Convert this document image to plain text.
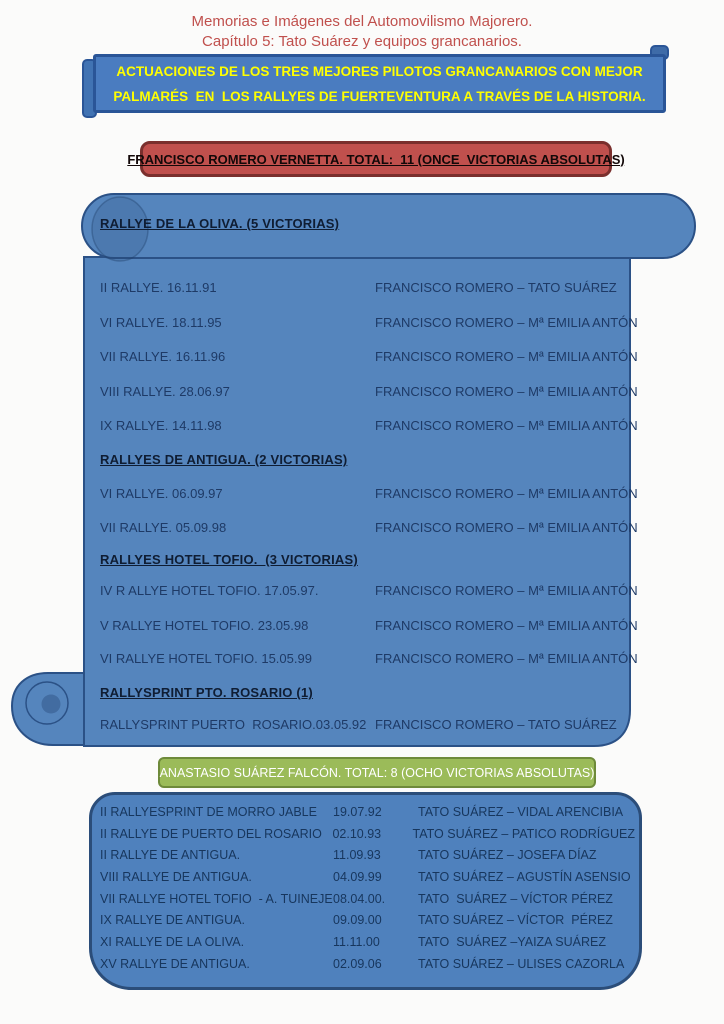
Memorias e Imágenes del Automovilismo Majorero.
Capítulo 5: Tato Suárez y equipos grancanarios.
ACTUACIONES DE LOS TRES MEJORES PILOTOS GRANCANARIOS CON MEJOR
PALMARÉS  EN  LOS RALLYES DE FUERTEVENTURA A TRAVÉS DE LA HISTORIA.
FRANCISCO ROMERO VERNETTA. TOTAL:  11 (ONCE  VICTORIAS ABSOLUTAS)
RALLYE DE LA OLIVA. (5 VICTORIAS)
II RALLYE. 16.11.91	FRANCISCO ROMERO – TATO SUÁREZ
VI RALLYE. 18.11.95	FRANCISCO ROMERO – Mª EMILIA ANTÓN
VII RALLYE. 16.11.96	FRANCISCO ROMERO – Mª EMILIA ANTÓN
VIII RALLYE. 28.06.97	FRANCISCO ROMERO – Mª EMILIA ANTÓN
IX RALLYE. 14.11.98	FRANCISCO ROMERO – Mª EMILIA ANTÓN
RALLYES DE ANTIGUA. (2 VICTORIAS)
VI RALLYE. 06.09.97	FRANCISCO ROMERO – Mª EMILIA ANTÓN
VII RALLYE. 05.09.98	FRANCISCO ROMERO – Mª EMILIA ANTÓN
RALLYES HOTEL TOFIO.  (3 VICTORIAS)
IV R ALLYE HOTEL TOFIO. 17.05.97.	FRANCISCO ROMERO – Mª EMILIA ANTÓN
V RALLYE HOTEL TOFIO. 23.05.98	FRANCISCO ROMERO – Mª EMILIA ANTÓN
VI RALLYE HOTEL TOFIO. 15.05.99	FRANCISCO ROMERO – Mª EMILIA ANTÓN
RALLYSPRINT PTO. ROSARIO (1)
RALLYSPRINT PUERTO  ROSARIO.03.05.92 FRANCISCO ROMERO – TATO SUÁREZ
ANASTASIO SUÁREZ FALCÓN. TOTAL: 8 (OCHO VICTORIAS ABSOLUTAS)
II RALLYESPRINT DE MORRO JABLE	19.07.92	TATO SUÁREZ – VIDAL ARENCIBIA
II RALLYE DE PUERTO DEL ROSARIO 02.10.93	TATO SUÁREZ – PATICO RODRÍGUEZ
II RALLYE DE ANTIGUA.	11.09.93	TATO SUÁREZ – JOSEFA DÍAZ
VIII RALLYE DE ANTIGUA.	04.09.99	TATO SUÁREZ – AGUSTÍN ASENSIO
VII RALLYE HOTEL TOFIO  - A. TUINEJE 08.04.00.	TATO  SUÁREZ – VÍCTOR PÉREZ
IX RALLYE DE ANTIGUA.	09.09.00	TATO SUÁREZ – VÍCTOR  PÉREZ
XI RALLYE DE LA OLIVA.	11.11.00	TATO  SUÁREZ –YAIZA SUÁREZ
XV RALLYE DE ANTIGUA.	02.09.06	TATO SUÁREZ – ULISES CAZORLA
